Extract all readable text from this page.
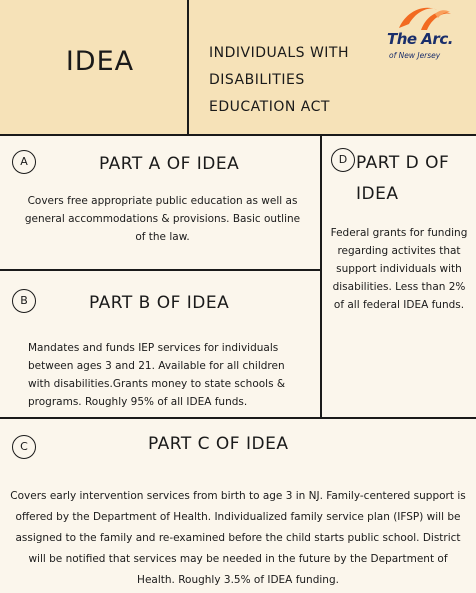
IDEA	INDIVIDUALS WITH
DISABILITIES
EDUCATION ACT
The Arc.
of New Jersey
A	PART A OF IDEA
Covers free appropriate public education as well as general accommodations & provisions. Basic outline of the law.
B	PART B OF IDEA
Mandates and funds IEP services for individuals between ages 3 and 21. Available for all children with disabilities.Grants money to state schools & programs. Roughly 95% of all IDEA funds.
D PART D OF IDEA
Federal grants for funding regarding activites that support individuals with disabilities. Less than 2% of all federal IDEA funds.
C	PART C OF IDEA
Covers early intervention services from birth to age 3 in NJ. Family-centered support is offered by the Department of Health. Individualized family service plan (IFSP) will be assigned to the family and re-examined before the child starts public school. District will be notified that services may be needed in the future by the Department of Health. Roughly 3.5% of IDEA funding.
